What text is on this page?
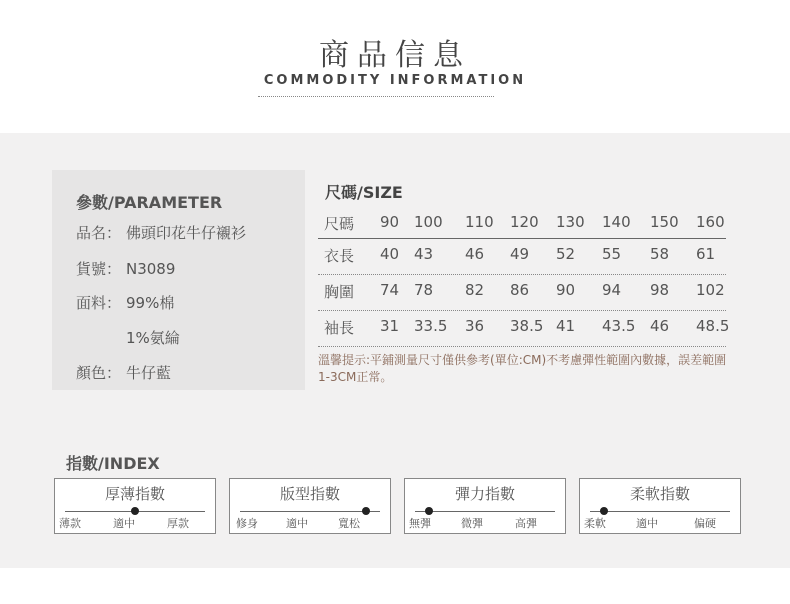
商品信息
COMMODITY INFORMATION
參數/PARAMETER
品名： 佛頭印花牛仔襯衫
貨號： N3089
面料： 99%棉
1%氨綸
顏色： 牛仔藍
尺碼/SIZE
尺碼 90 100 110 120 130 140 150 160
衣長 40 43 46 49 52 55 58 61
胸圍 74 78 82 86 90 94 98 102
袖長 31 33.5 36 38.5 41 43.5 46 48.5
溫馨提示:平鋪測量尺寸僅供參考(單位:CM)不考慮彈性範圍內數據，誤差範圍1-3CM正常。
指數/INDEX
厚薄指數
薄款	適中	厚款
版型指數
修身	適中	寬松
彈力指數
無彈	微彈	高彈
柔軟指數
柔軟	適中	偏硬
